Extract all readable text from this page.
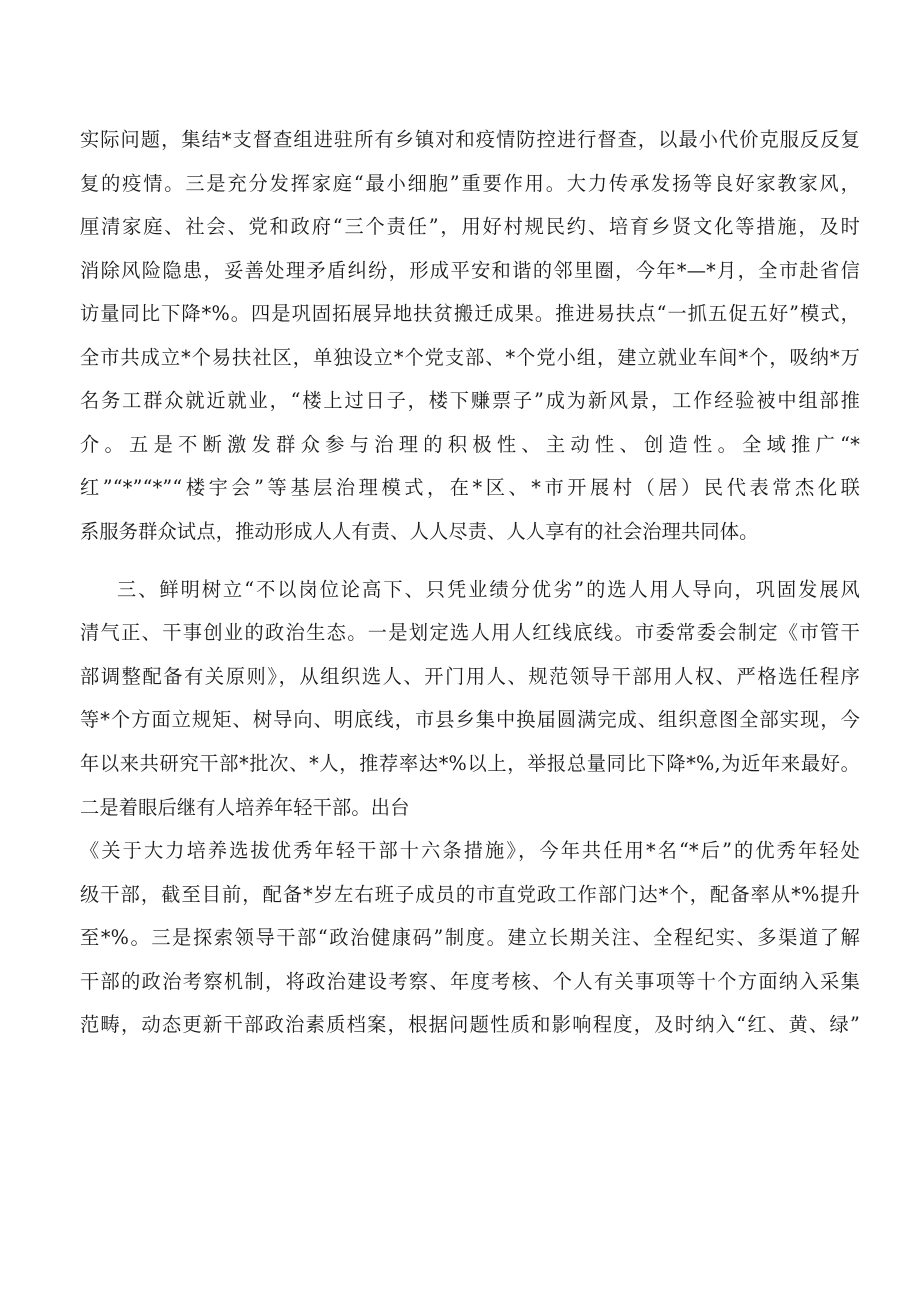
实际问题，集结*支督查组进驻所有乡镇对和疫情防控进行督查，以最小代价克服反反复
复的疫情。三是充分发挥家庭“最小细胞”重要作用。大力传承发扬等良好家教家风，
厘清家庭、社会、党和政府“三个责任”，用好村规民约、培育乡贤文化等措施，及时
消除风险隐患，妥善处理矛盾纠纷，形成平安和谐的邻里圈，今年*—*月，全市赴省信
访量同比下降*%。四是巩固拓展异地扶贫搬迁成果。推进易扶点“一抓五促五好”模式，
全市共成立*个易扶社区，单独设立*个党支部、*个党小组，建立就业车间*个，吸纳*万
名务工群众就近就业，“楼上过日子，楼下赚票子”成为新风景，工作经验被中组部推
介。五是不断激发群众参与治理的积极性、主动性、创造性。全域推广“*
红”“*”“*”“楼宇会”等基层治理模式，在*区、*市开展村（居）民代表常杰化联
系服务群众试点，推动形成人人有责、人人尽责、人人享有的社会治理共同体。
三、鲜明树立“不以岗位论高下、只凭业绩分优劣”的选人用人导向，巩固发展风
清气正、干事创业的政治生态。一是划定选人用人红线底线。市委常委会制定《市管干
部调整配备有关原则》，从组织选人、开门用人、规范领导干部用人权、严格选任程序
等*个方面立规矩、树导向、明底线，市县乡集中换届圆满完成、组织意图全部实现，今
年以来共研究干部*批次、*人，推荐率达*%以上，举报总量同比下降*%,为近年来最好。
二是着眼后继有人培养年轻干部。出台
《关于大力培养选拔优秀年轻干部十六条措施》，今年共任用*名“*后”的优秀年轻处
级干部，截至目前，配备*岁左右班子成员的市直党政工作部门达*个，配备率从*%提升
至*%。三是探索领导干部“政治健康码”制度。建立长期关注、全程纪实、多渠道了解
干部的政治考察机制，将政治建设考察、年度考核、个人有关事项等十个方面纳入采集
范畴，动态更新干部政治素质档案，根据问题性质和影响程度，及时纳入“红、黄、绿”
